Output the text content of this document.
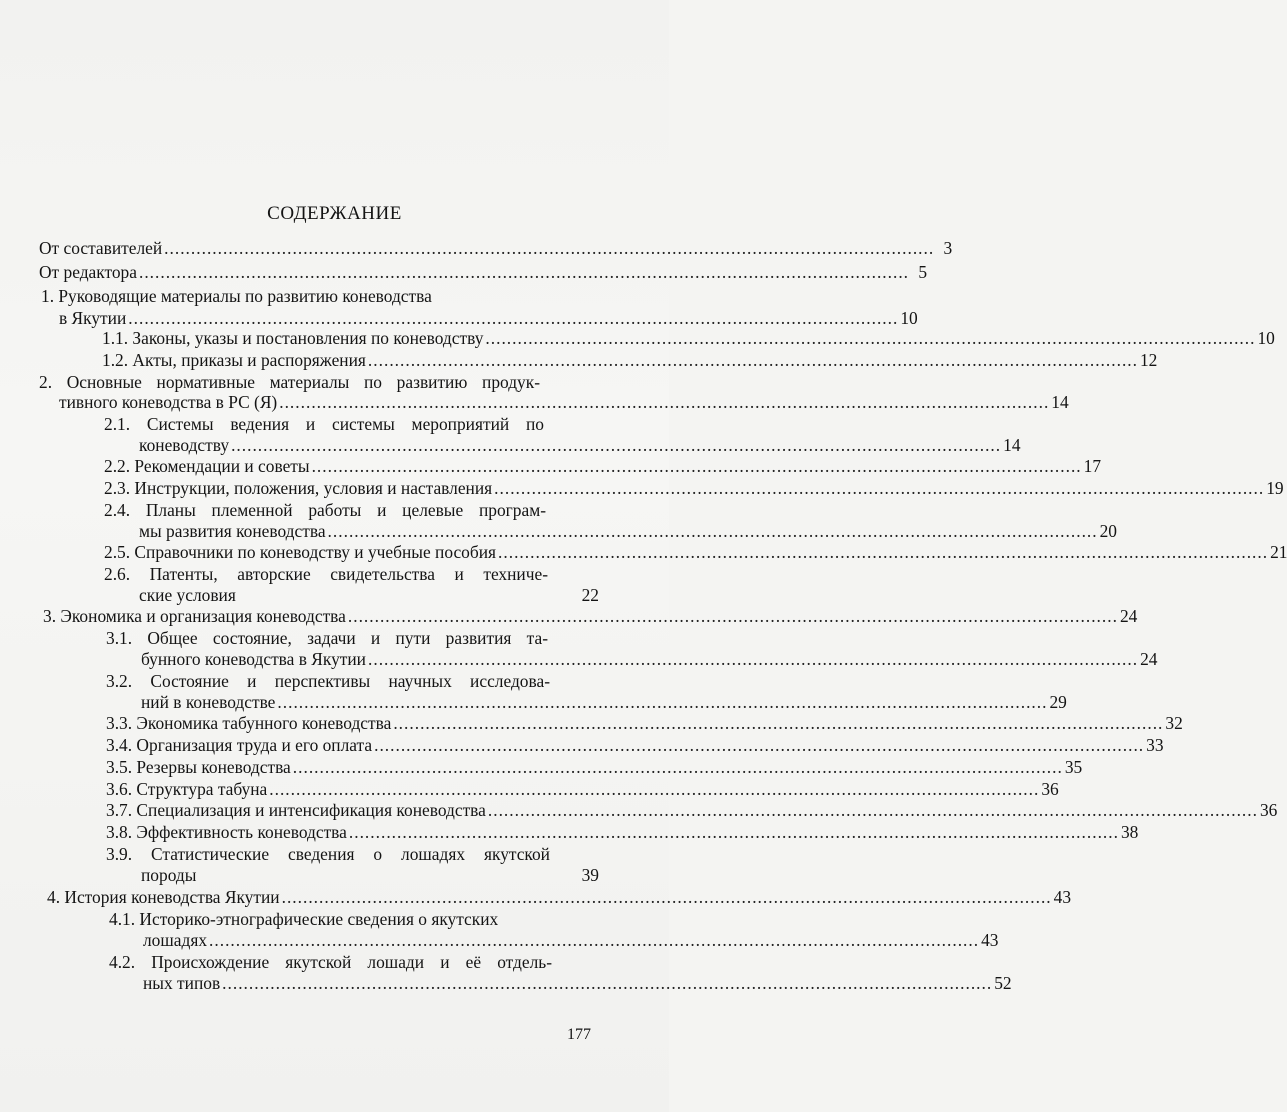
СОДЕРЖАНИЕ
От составителей ................................................................................................................................................ 3
От редактора ................................................................................................................................................ 5
1. Руководящие материалы по развитию коневодства
в Якутии ................................................................................................................................................ 10
1.1. Законы, указы и постановления по коневодству ................................................................................................................................................ 10
1.2. Акты, приказы и распоряжения ................................................................................................................................................ 12
2. Основные нормативные материалы по развитию продук-
тивного коневодства в РС (Я) ................................................................................................................................................ 14
2.1. Системы ведения и системы мероприятий по
коневодству ................................................................................................................................................ 14
2.2. Рекомендации и советы ................................................................................................................................................ 17
2.3. Инструкции, положения, условия и наставления ................................................................................................................................................ 19
2.4. Планы племенной работы и целевые програм-
мы развития коневодства ................................................................................................................................................ 20
2.5. Справочники по коневодству и учебные пособия ................................................................................................................................................ 21
2.6. Патенты, авторские свидетельства и техниче-
ские условия	22
3. Экономика и организация коневодства ................................................................................................................................................ 24
3.1. Общее состояние, задачи и пути развития та-
бунного коневодства в Якутии ................................................................................................................................................ 24
3.2. Состояние и перспективы научных исследова-
ний в коневодстве ................................................................................................................................................ 29
3.3. Экономика табунного коневодства ................................................................................................................................................ 32
3.4. Организация труда и его оплата ................................................................................................................................................ 33
3.5. Резервы коневодства ................................................................................................................................................ 35
3.6. Структура табуна ................................................................................................................................................ 36
3.7. Специализация и интенсификация коневодства ................................................................................................................................................ 36
3.8. Эффективность коневодства ................................................................................................................................................ 38
3.9. Статистические сведения о лошадях якутской
породы	39
4. История коневодства Якутии ................................................................................................................................................ 43
4.1. Историко-этнографические сведения о якутских
лошадях ................................................................................................................................................ 43
4.2. Происхождение якутской лошади и её отдель-
ных типов ................................................................................................................................................ 52
177
